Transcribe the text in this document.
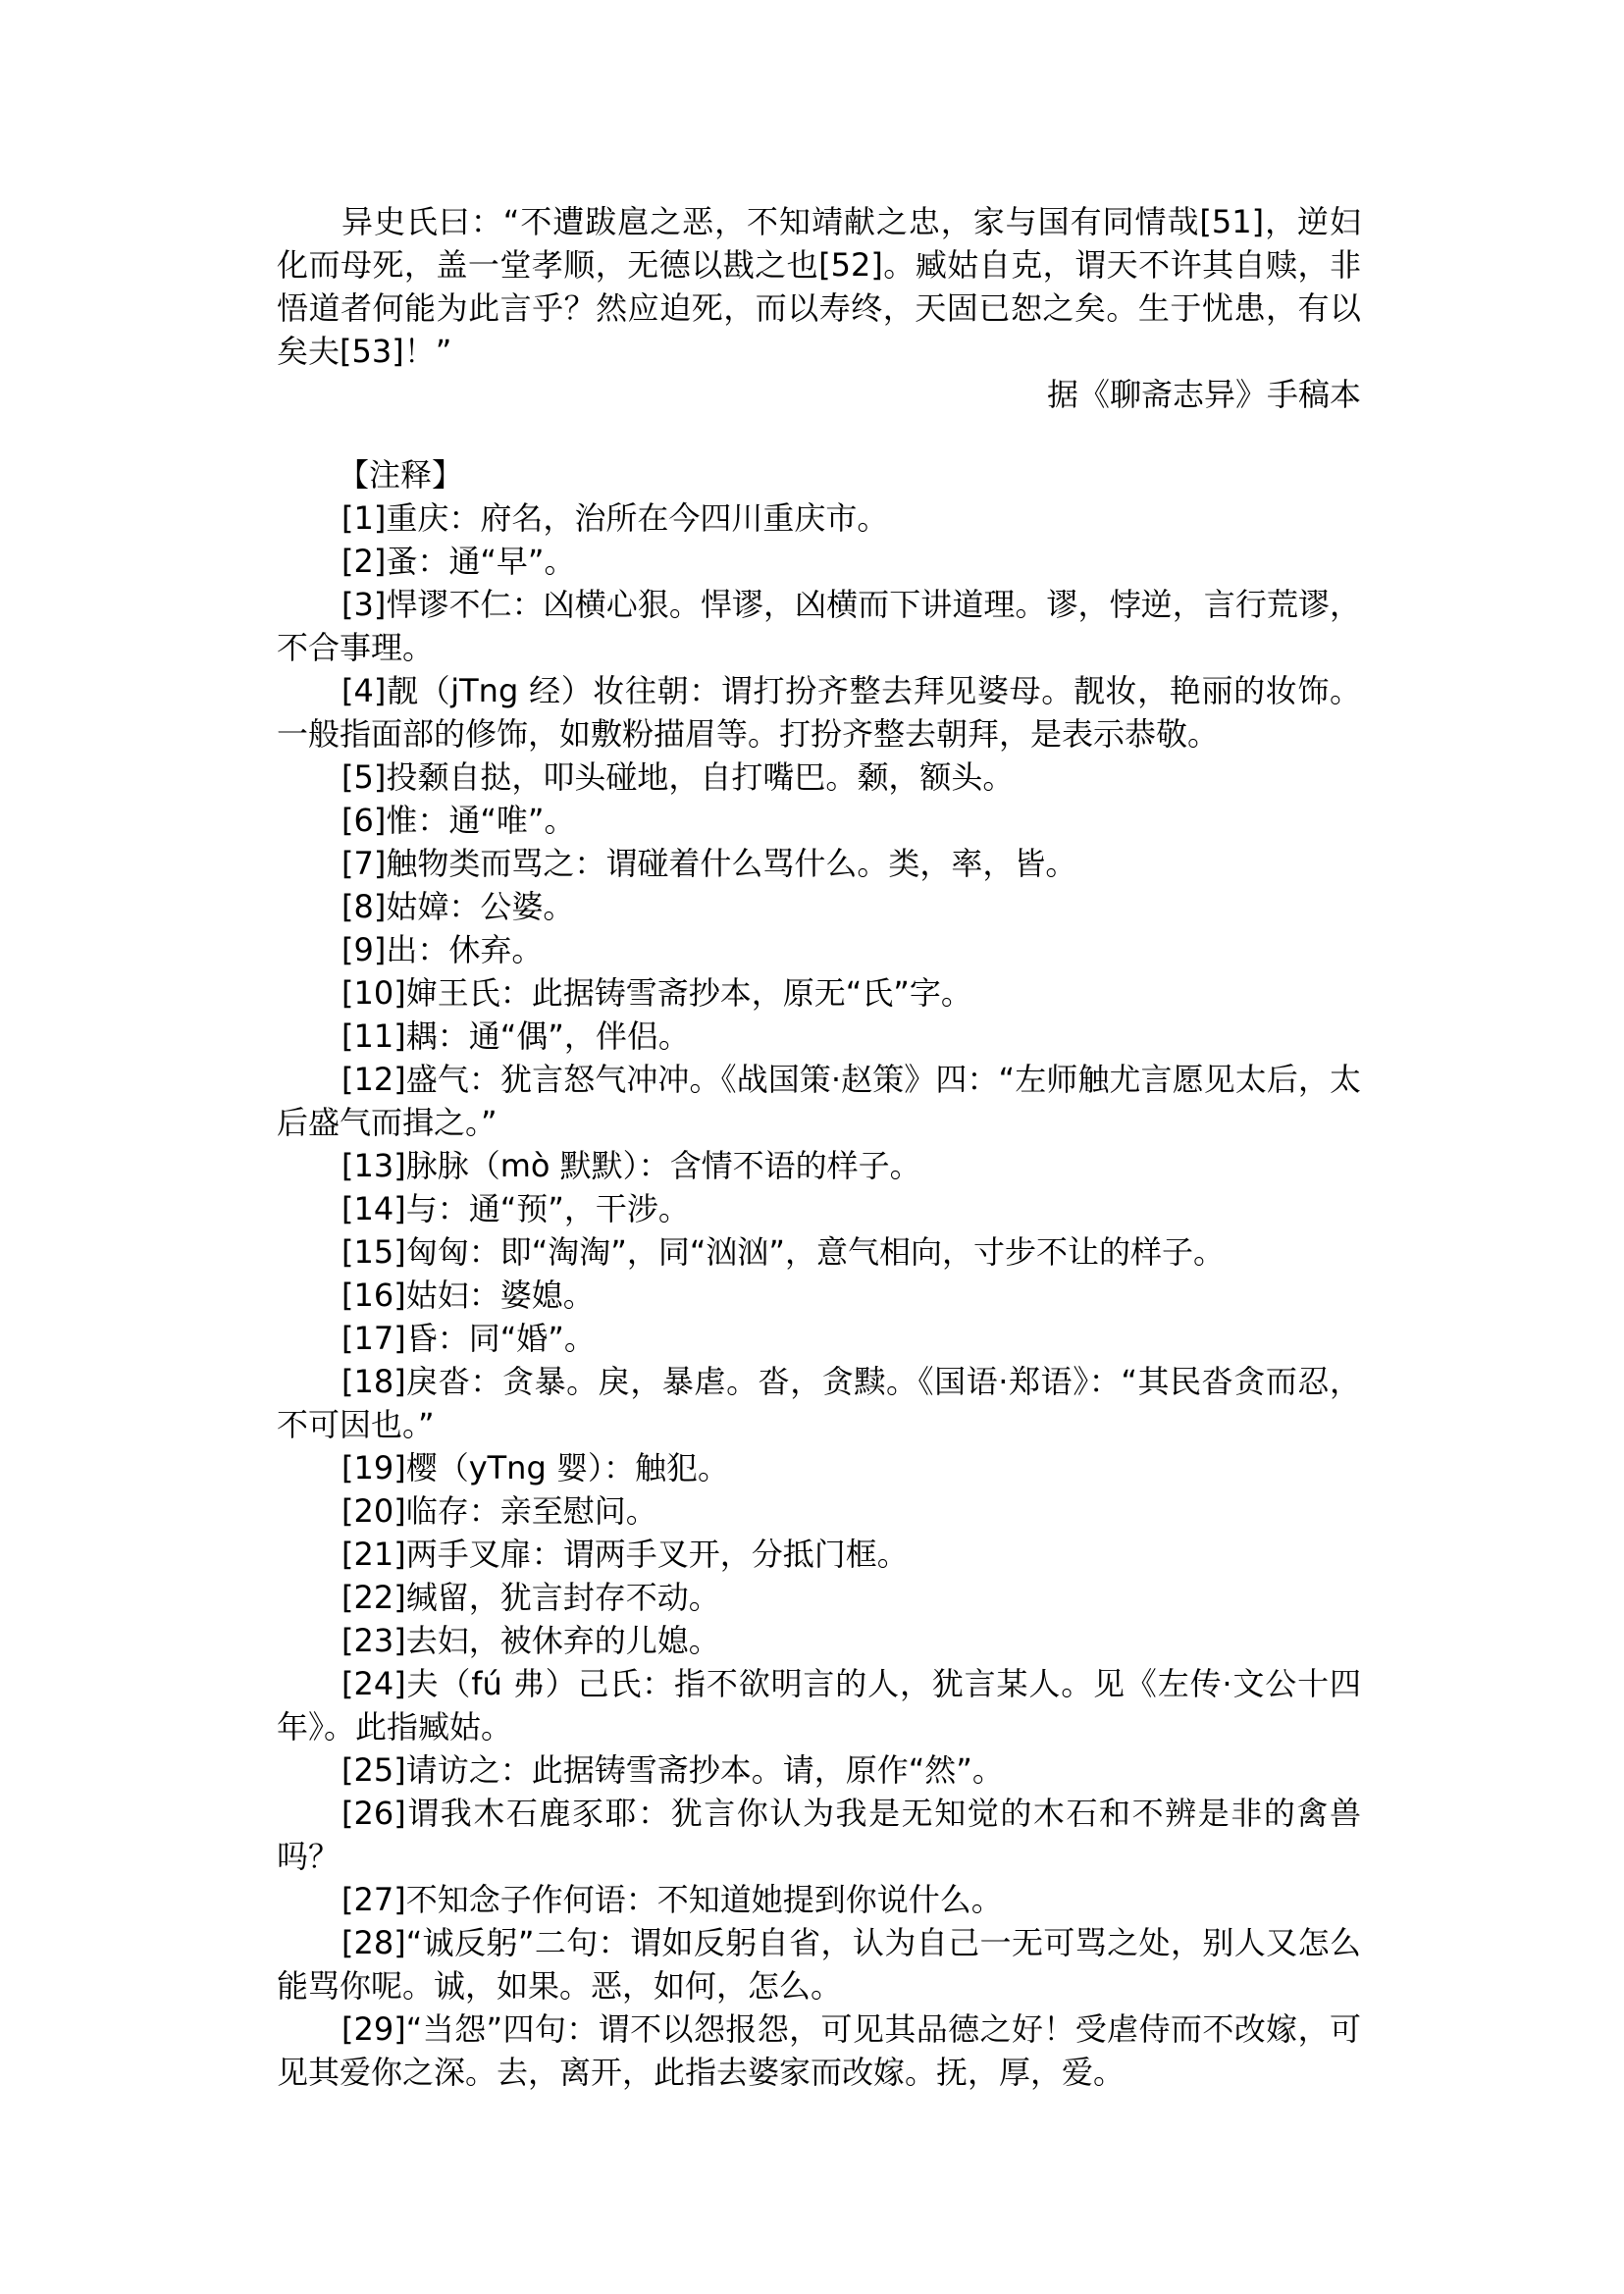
异史氏曰：“不遭跋扈之恶，不知靖献之忠，家与国有同情哉[51]，逆妇化而母死，盖一堂孝顺，无德以戡之也[52]。臧姑自克，谓天不许其自赎，非悟道者何能为此言乎？然应迫死，而以寿终，天固已恕之矣。生于忧患，有以矣夫[53]！”

据《聊斋志异》手稿本

【注释】

[1]重庆：府名，治所在今四川重庆市。

[2]蚤：通“早”。

[3]悍谬不仁：凶横心狠。悍谬，凶横而下讲道理。谬，悖逆，言行荒谬，不合事理。

[4]靓（jTng 经）妆往朝：谓打扮齐整去拜见婆母。靓妆，艳丽的妆饰。一般指面部的修饰，如敷粉描眉等。打扮齐整去朝拜，是表示恭敬。

[5]投颡自挞，叩头碰地，自打嘴巴。颡，额头。

[6]惟：通“唯”。

[7]触物类而骂之：谓碰着什么骂什么。类，率，皆。

[8]姑嫜：公婆。

[9]出：休弃。

[10]婶王氏：此据铸雪斋抄本，原无“氏”字。

[11]耦：通“偶”，伴侣。

[12]盛气：犹言怒气冲冲。《战国策·赵策》四：“左师触尤言愿见太后，太后盛气而揖之。”

[13]脉脉（mò 默默）：含情不语的样子。

[14]与：通“预”，干涉。

[15]匈匈：即“淘淘”，同“汹汹”，意气相向，寸步不让的样子。

[16]姑妇：婆媳。

[17]昏：同“婚”。

[18]戾沓：贪暴。戾，暴虐。沓，贪黩。《国语·郑语》：“其民沓贪而忍，不可因也。”

[19]樱（yTng 婴）：触犯。

[20]临存：亲至慰问。

[21]两手叉扉：谓两手叉开，分抵门框。

[22]缄留，犹言封存不动。

[23]去妇，被休弃的儿媳。

[24]夫（fú 弗）己氏：指不欲明言的人，犹言某人。见《左传·文公十四年》。此指臧姑。

[25]请访之：此据铸雪斋抄本。请，原作“然”。

[26]谓我木石鹿豕耶：犹言你认为我是无知觉的木石和不辨是非的禽兽吗？

[27]不知念子作何语：不知道她提到你说什么。

[28]“诚反躬”二句：谓如反躬自省，认为自己一无可骂之处，别人又怎么能骂你呢。诚，如果。恶，如何，怎么。

[29]“当怨”四句：谓不以怨报怨，可见其品德之好！受虐侍而不改嫁，可见其爱你之深。去，离开，此指去婆家而改嫁。抚，厚，爱。
